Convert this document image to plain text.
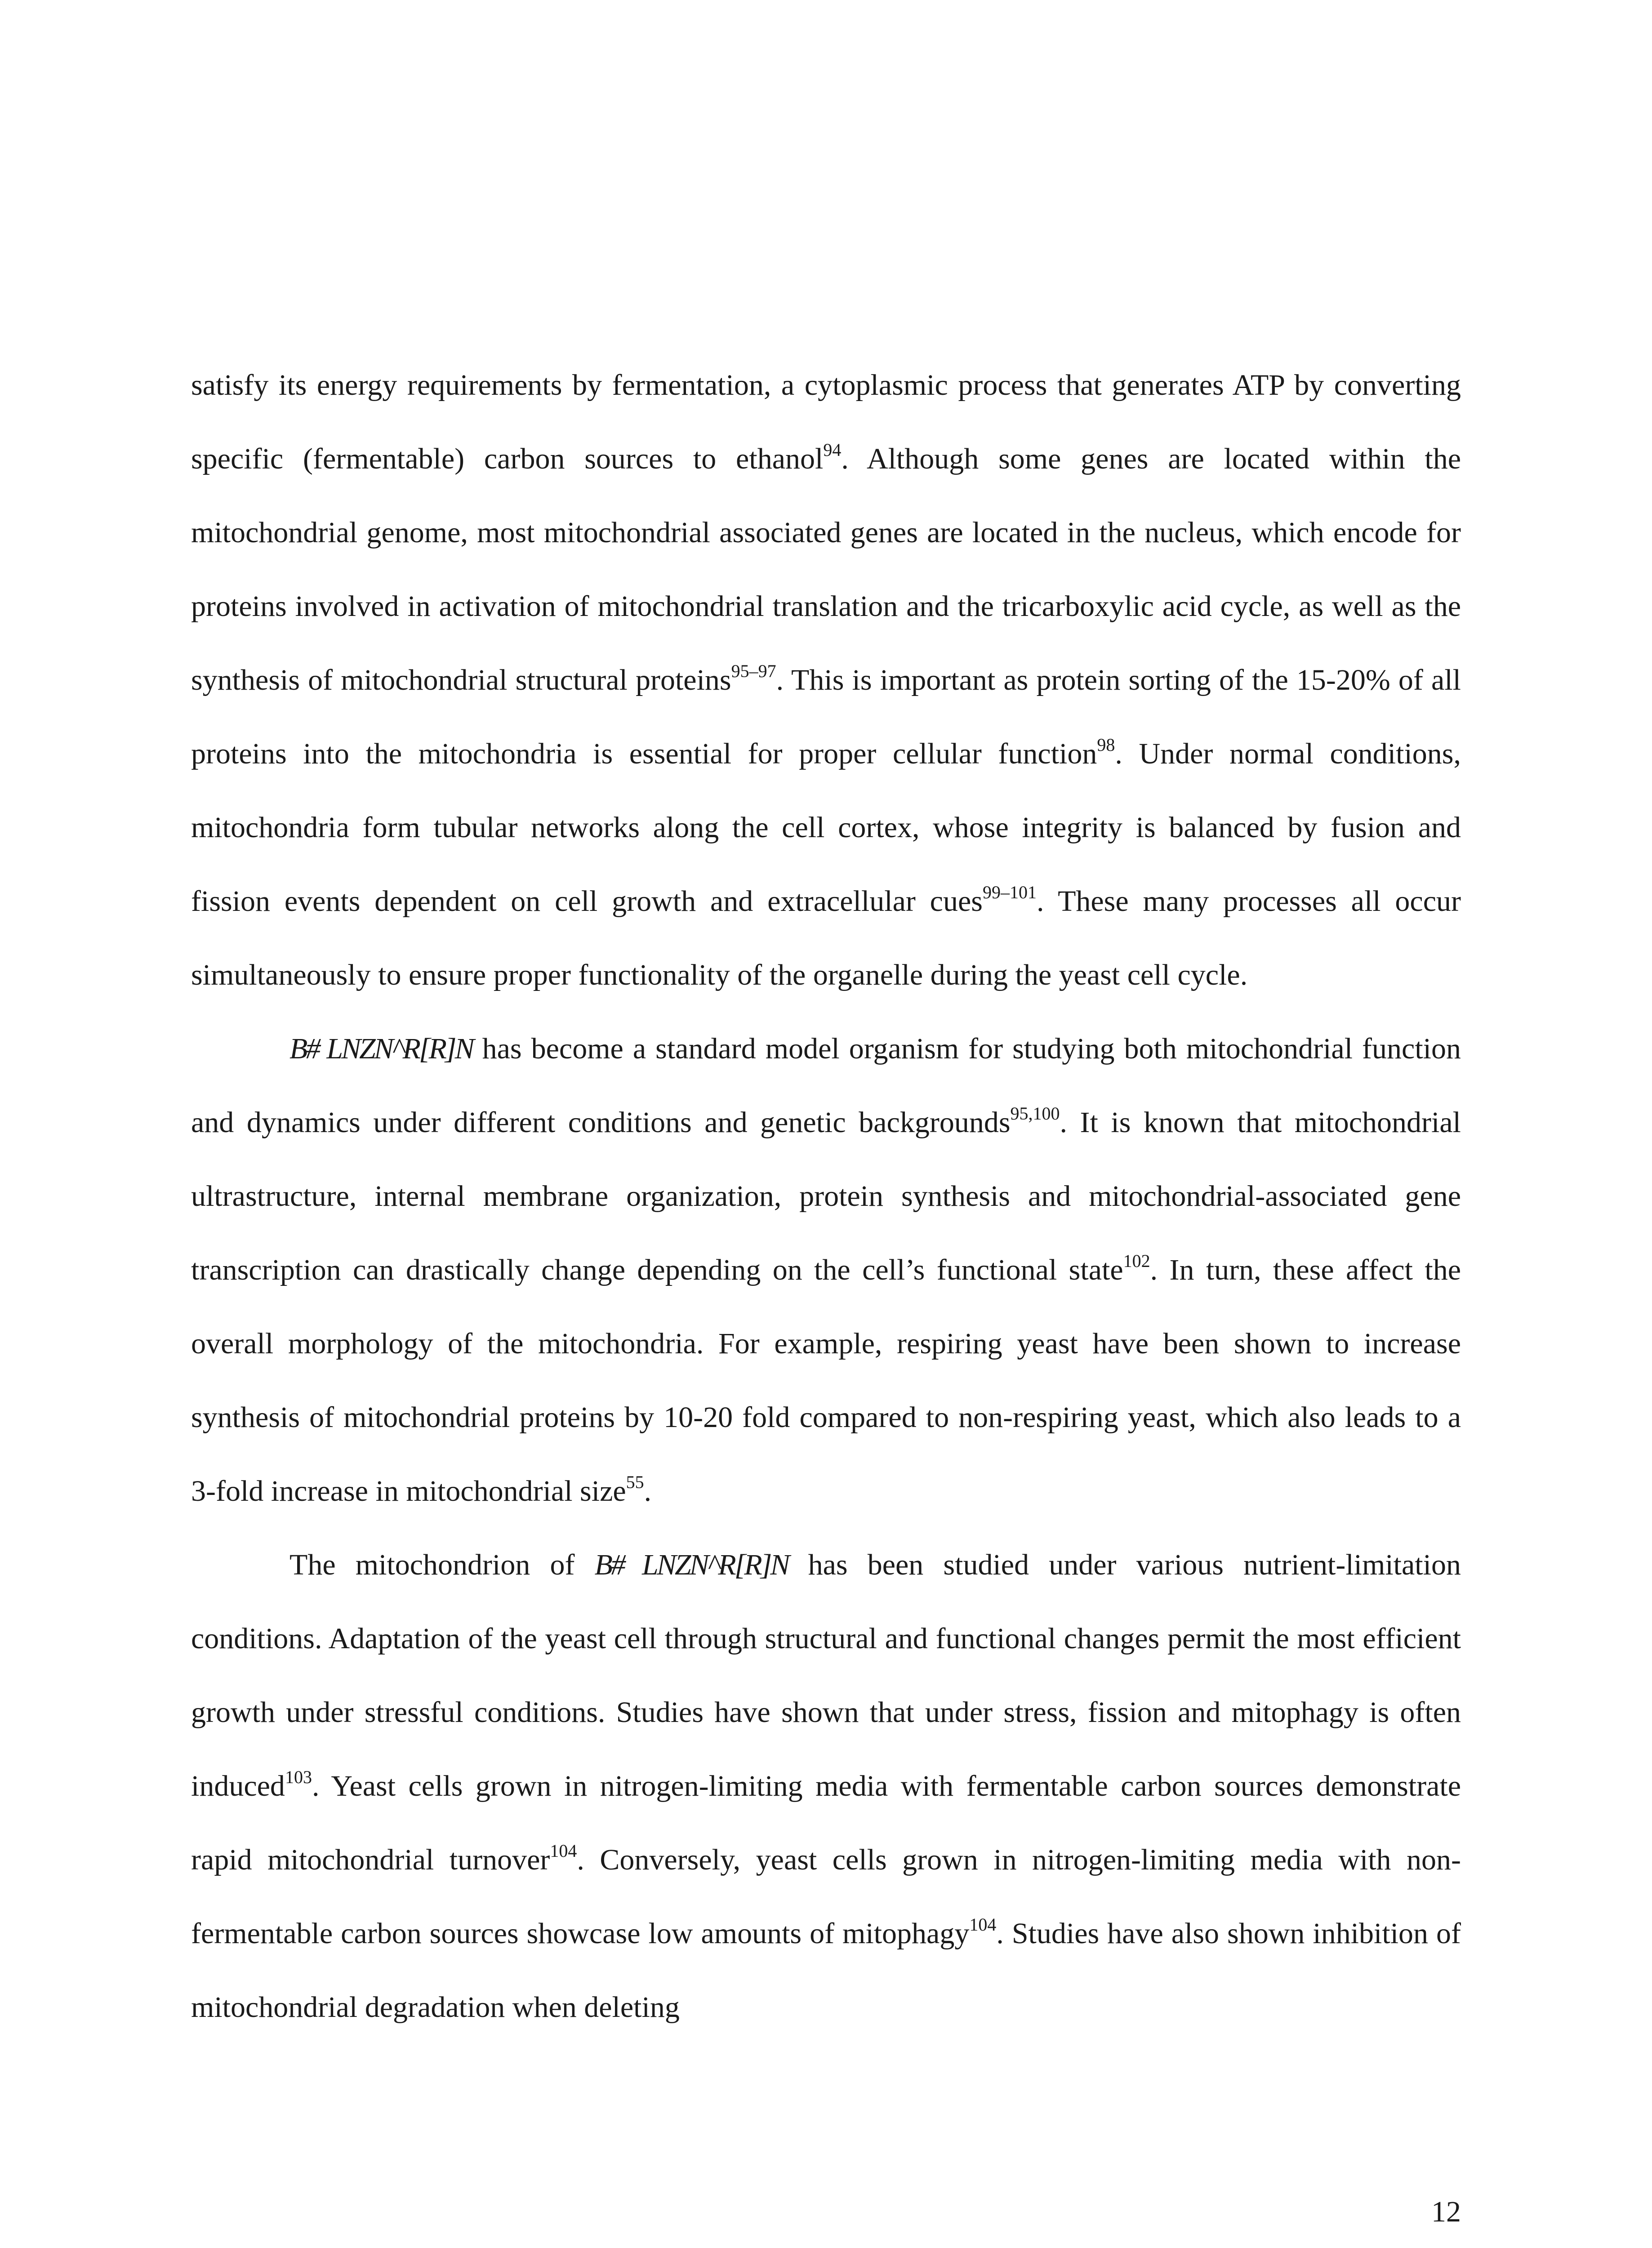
satisfy its energy requirements by fermentation, a cytoplasmic process that generates ATP by converting specific (fermentable) carbon sources to ethanol$^{94}$. Although some genes are located within the mitochondrial genome, most mitochondrial associated genes are located in the nucleus, which encode for proteins involved in activation of mitochondrial translation and the tricarboxylic acid cycle, as well as the synthesis of mitochondrial structural proteins$^{95-97}$. This is important as protein sorting of the 15-20% of all proteins into the mitochondria is essential for proper cellular function$^{98}$. Under normal conditions, mitochondria form tubular networks along the cell cortex, whose integrity is balanced by fusion and fission events dependent on cell growth and extracellular cues$^{99-101}$. These many processes all occur simultaneously to ensure proper functionality of the organelle during the yeast cell cycle.

B# LNZN^R[R]N has become a standard model organism for studying both mitochondrial function and dynamics under different conditions and genetic backgrounds$^{95,100}$. It is known that mitochondrial ultrastructure, internal membrane organization, protein synthesis and mitochondrial-associated gene transcription can drastically change depending on the cell’s functional state$^{102}$. In turn, these affect the overall morphology of the mitochondria. For example, respiring yeast have been shown to increase synthesis of mitochondrial proteins by 10-20 fold compared to non-respiring yeast, which also leads to a 3-fold increase in mitochondrial size$^{55}$.

The mitochondrion of B# LNZN^R[R]N has been studied under various nutrient-limitation conditions. Adaptation of the yeast cell through structural and functional changes permit the most efficient growth under stressful conditions. Studies have shown that under stress, fission and mitophagy is often induced$^{103}$. Yeast cells grown in nitrogen-limiting media with fermentable carbon sources demonstrate rapid mitochondrial turnover$^{104}$. Conversely, yeast cells grown in nitrogen-limiting media with non-fermentable carbon sources showcase low amounts of mitophagy$^{104}$. Studies have also shown inhibition of mitochondrial degradation when deleting

12
